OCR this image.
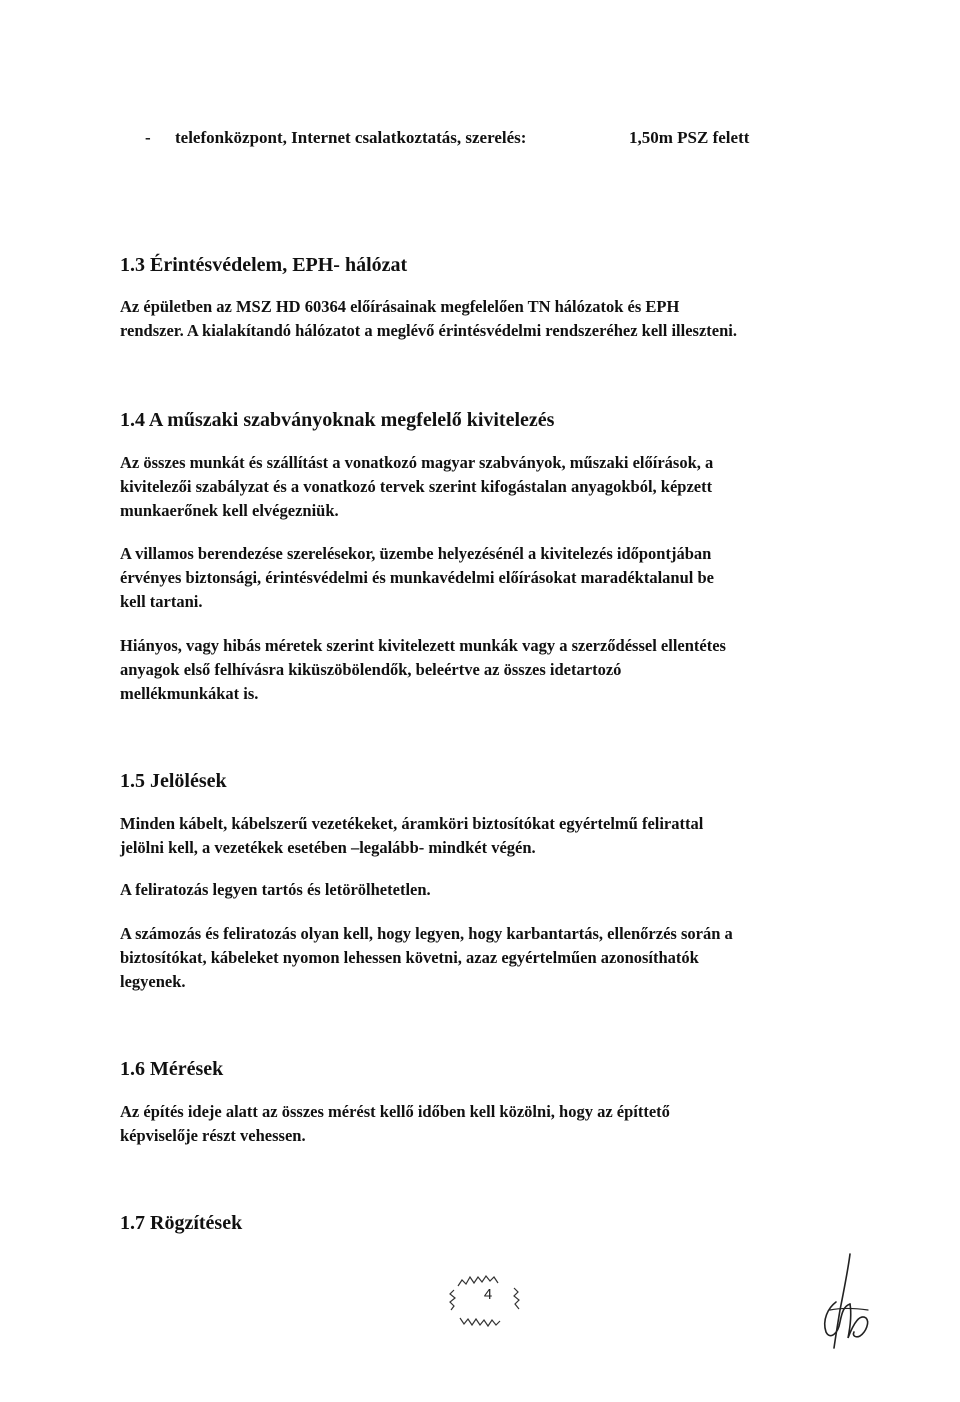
- telefonközpont, Internet csalatkoztatás, szerelés:	1,50m PSZ felett
1.3 Érintésvédelem, EPH- hálózat
Az épületben az MSZ HD 60364 előírásainak megfelelően TN hálózatok és EPH
rendszer. A kialakítandó hálózatot a meglévő érintésvédelmi rendszeréhez kell illeszteni.
1.4 A műszaki szabványoknak megfelelő kivitelezés
Az összes munkát és szállítást a vonatkozó magyar szabványok, műszaki előírások, a
kivitelezői szabályzat és a vonatkozó tervek szerint kifogástalan anyagokból, képzett
munkaerőnek kell elvégezniük.
A villamos berendezése szerelésekor, üzembe helyezésénél a kivitelezés időpontjában
érvényes biztonsági, érintésvédelmi és munkavédelmi előírásokat maradéktalanul be
kell tartani.
Hiányos, vagy hibás méretek szerint kivitelezett munkák vagy a szerződéssel ellentétes
anyagok első felhívásra kiküszöbölendők, beleértve az összes idetartozó
mellékmunkákat is.
1.5 Jelölések
Minden kábelt, kábelszerű vezetékeket, áramköri biztosítókat egyértelmű felirattal
jelölni kell, a vezetékek esetében –legalább- mindkét végén.
A feliratozás legyen tartós és letörölhetetlen.
A számozás és feliratozás olyan kell, hogy legyen, hogy karbantartás, ellenőrzés során a
biztosítókat, kábeleket nyomon lehessen követni, azaz egyértelműen azonosíthatók
legyenek.
1.6 Mérések
Az építés ideje alatt az összes mérést kellő időben kell közölni, hogy az építtető
képviselője részt vehessen.
1.7 Rögzítések
4
